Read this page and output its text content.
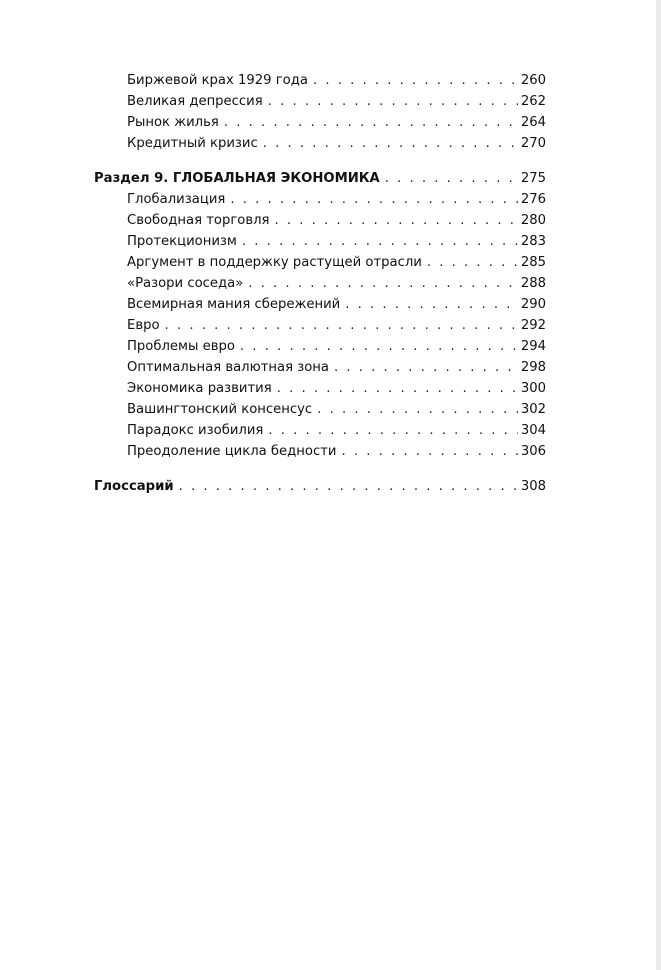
Биржевой крах 1929 года . . .	260
Великая депрессия . . .	262
Рынок жилья . . .	264
Кредитный кризис . . .	270
Раздел 9. ГЛОБАЛЬНАЯ ЭКОНОМИКА . . .	275
Глобализация . . .	276
Свободная торговля . . .	280
Протекционизм . . .	283
Аргумент в поддержку растущей отрасли . . .	285
«Разори соседа» . . .	288
Всемирная мания сбережений . . .	290
Евро . . .	292
Проблемы евро . . .	294
Оптимальная валютная зона . . .	298
Экономика развития . . .	300
Вашингтонский консенсус . . .	302
Парадокс изобилия . . .	304
Преодоление цикла бедности . . .	306
Глоссарий . . .	308
